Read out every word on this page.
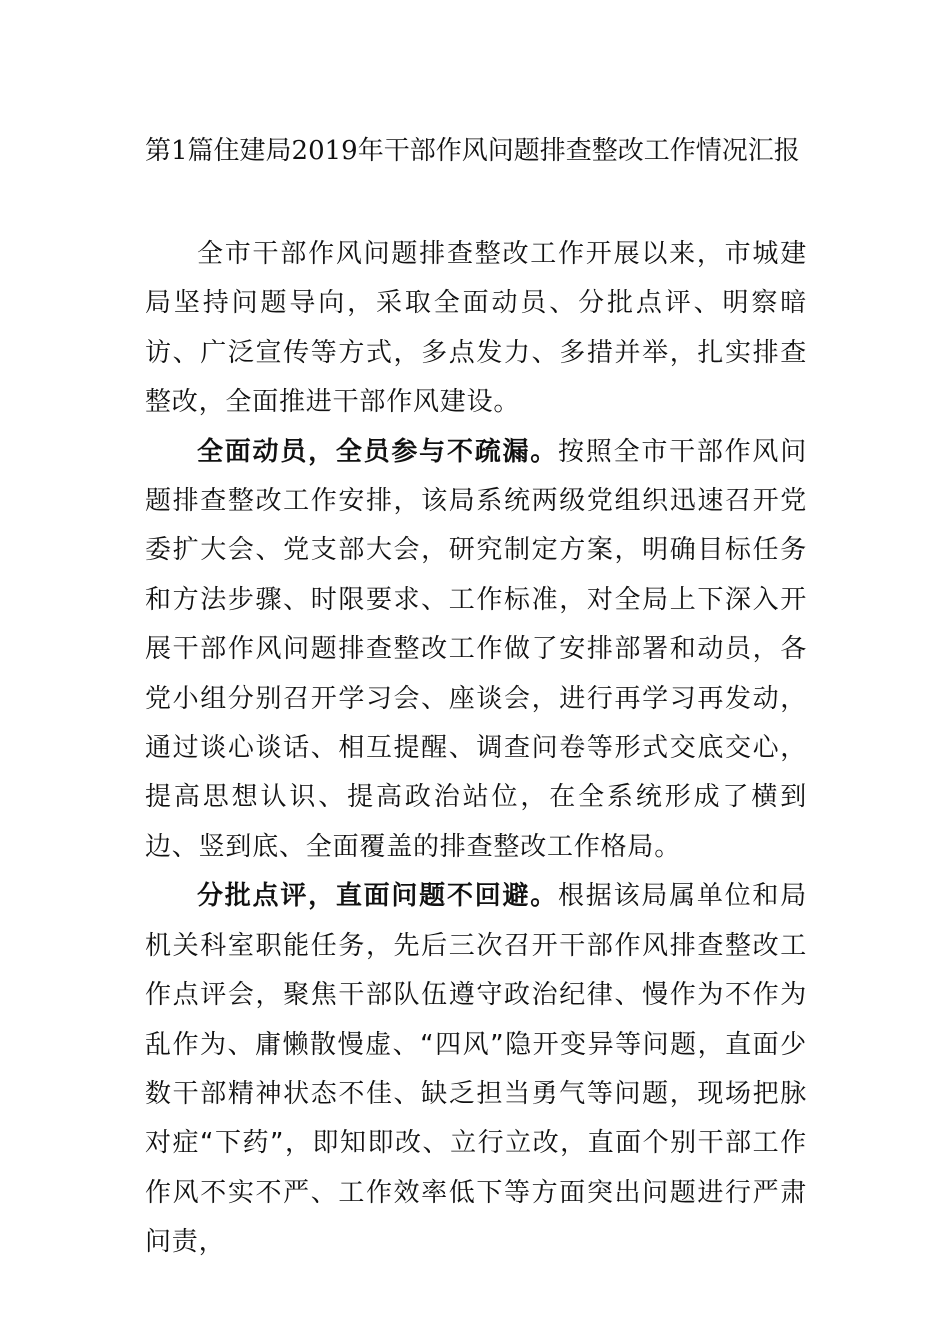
第1篇住建局2019年干部作风问题排查整改工作情况汇报

全市干部作风问题排查整改工作开展以来，市城建局坚持问题导向，采取全面动员、分批点评、明察暗访、广泛宣传等方式，多点发力、多措并举，扎实排查整改，全面推进干部作风建设。

全面动员，全员参与不疏漏。按照全市干部作风问题排查整改工作安排，该局系统两级党组织迅速召开党委扩大会、党支部大会，研究制定方案，明确目标任务和方法步骤、时限要求、工作标准，对全局上下深入开展干部作风问题排查整改工作做了安排部署和动员，各党小组分别召开学习会、座谈会，进行再学习再发动，通过谈心谈话、相互提醒、调查问卷等形式交底交心，提高思想认识、提高政治站位，在全系统形成了横到边、竖到底、全面覆盖的排查整改工作格局。

分批点评，直面问题不回避。根据该局属单位和局机关科室职能任务，先后三次召开干部作风排查整改工作点评会，聚焦干部队伍遵守政治纪律、慢作为不作为乱作为、庸懒散慢虚、“四风”隐开变异等问题，直面少数干部精神状态不佳、缺乏担当勇气等问题，现场把脉对症“下药”，即知即改、立行立改，直面个别干部工作作风不实不严、工作效率低下等方面突出问题进行严肃问责，
